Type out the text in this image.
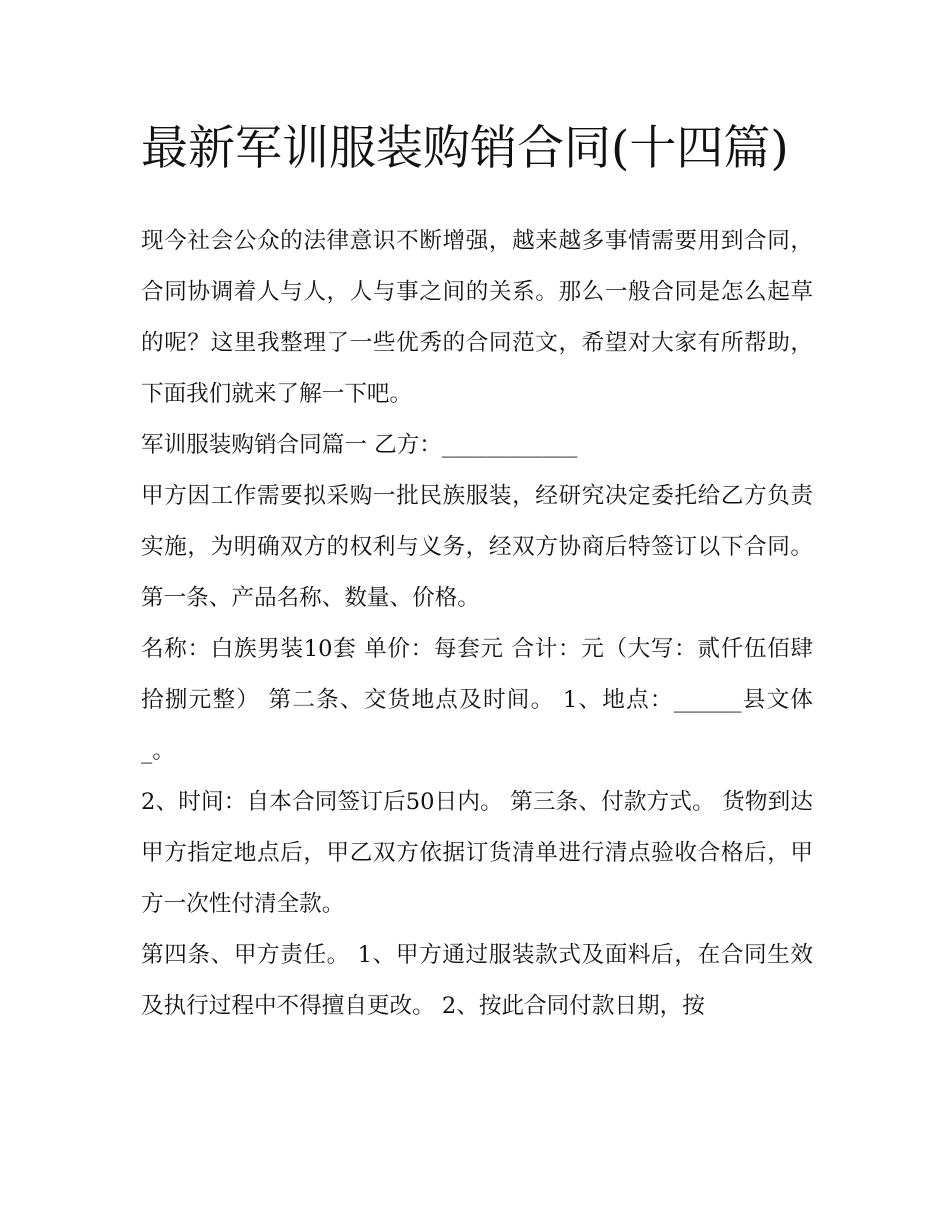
最新军训服装购销合同(十四篇)

现今社会公众的法律意识不断增强，越来越多事情需要用到合同，合同协调着人与人，人与事之间的关系。那么一般合同是怎么起草的呢？这里我整理了一些优秀的合同范文，希望对大家有所帮助，下面我们就来了解一下吧。

军训服装购销合同篇一 乙方：____________

甲方因工作需要拟采购一批民族服装，经研究决定委托给乙方负责实施，为明确双方的权利与义务，经双方协商后特签订以下合同。 第一条、产品名称、数量、价格。

名称：白族男装10套 单价：每套元 合计：元（大写：贰仟伍佰肆拾捌元整） 第二条、交货地点及时间。 1、地点：______县文体_。

2、时间：自本合同签订后50日内。 第三条、付款方式。 货物到达甲方指定地点后，甲乙双方依据订货清单进行清点验收合格后，甲方一次性付清全款。

第四条、甲方责任。 1、甲方通过服装款式及面料后，在合同生效及执行过程中不得擅自更改。 2、按此合同付款日期，按
